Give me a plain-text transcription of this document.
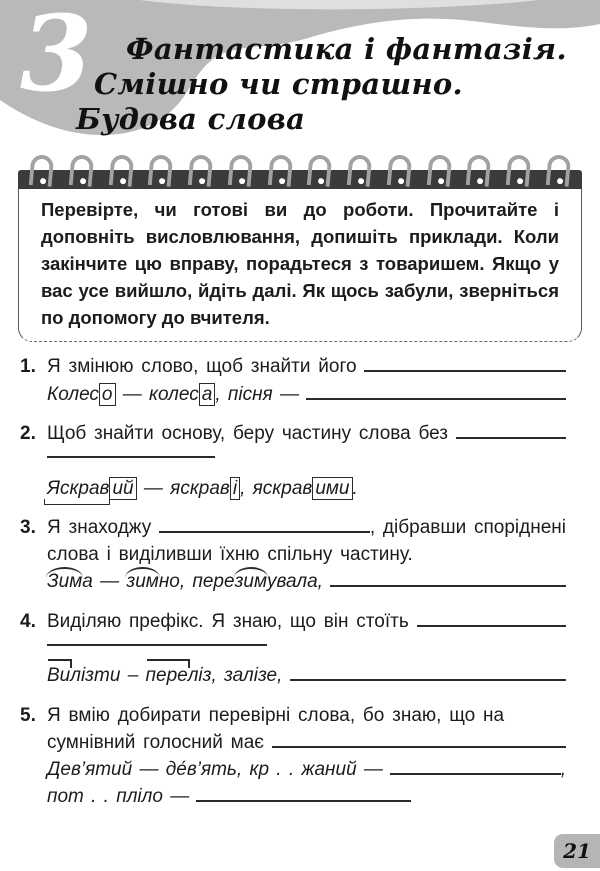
3	Фантастика і фантазія.
Смішно чи страшно.
Будова слова

Перевірте, чи готові ви до роботи. Прочитайте і доповніть висловлювання, допишіть приклади. Коли закінчите цю вправу, порадьтеся з товаришем. Якщо у вас усе вийшло, йдіть далі. Як щось забули, зверніться по допомогу до вчителя.

1. Я змінюю слово, щоб знайти його
Колес о — колес а , пісня —
2. Щоб знайти основу, беру частину слова без
Яскрав ий — яскрав і , яскрав ими .
3. Я знаходжу	, дібравши споріднені
слова і виділивши їхню спільну частину.
Зим а — зим но, пере зим увала,
4. Виділяю префікс. Я знаю, що він стоїть
Ви лізти – пере ліз, залізе,
5. Я вмію добирати перевірні слова, бо знаю, що на
сумнівний голосний має
Дев’ятий — де́в’ять, кр . . жаний —	,
пот . . пліло —
21
